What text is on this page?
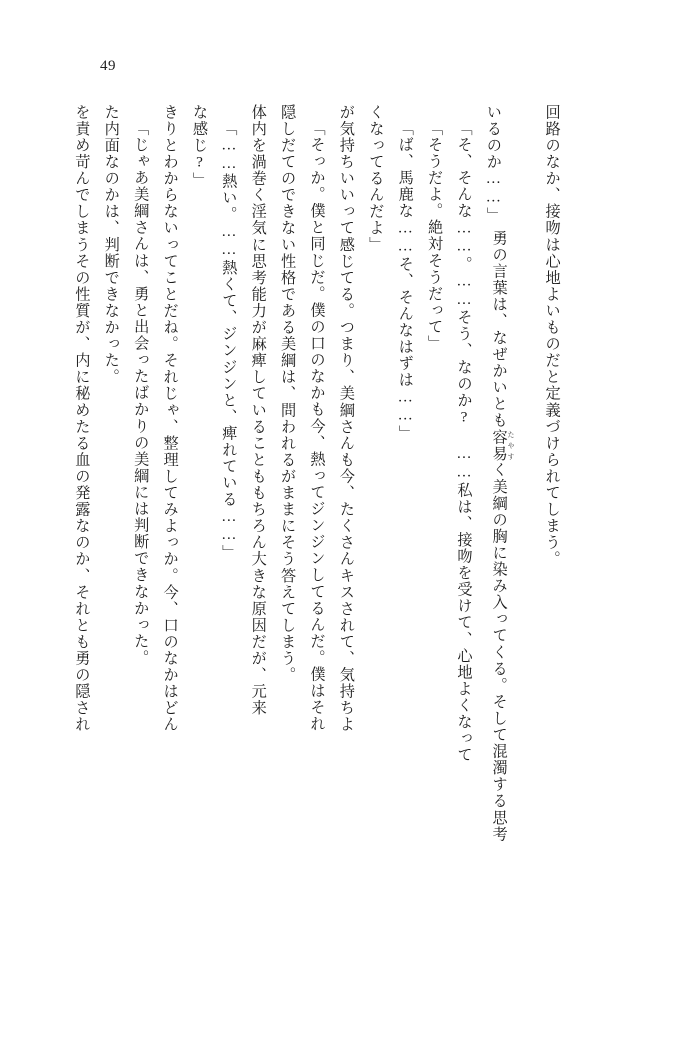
49
を責め苛んでしまうその性質が、内に秘めたる血の発露なのか、それとも勇の隠され た内面なのかは、判断できなかった。 「じゃあ美綱さんは、勇と出会ったばかりの美綱には判断できなかった。 きりとわからないってことだね。それじゃ、整理してみよっか。今、口のなかはどん な感じ?」 「……熱い。……熱くて、ジンジンと、痺れている……」 体内を渦巻く淫気に思考能力が麻痺していることももちろん大きな原因だが、元来 隠しだてのできない性格である美綱は、問われるがままにそう答えてしまう。 「そっか。僕と同じだ。僕の口のなかも今、熱ってジンジンしてるんだ。僕はそれ が気持ちいいって感じてる。つまり、美綱さんも今、たくさんキスされて、気持ちよ くなってるんだよ」 「ば、馬鹿な……そ、そんなはずは……」 「そうだよ。絶対そうだって」 「そ、そんな……。……そう、なのか? ……私は、接吻を受けて、心地よくなって いるのか……」

勇の言葉は、なぜかいとも容易 たやすく美綱の胸に染み入ってくる。そして混濁する思考

回路のなか、接吻は心地よいものだと定義づけられてしまう。
